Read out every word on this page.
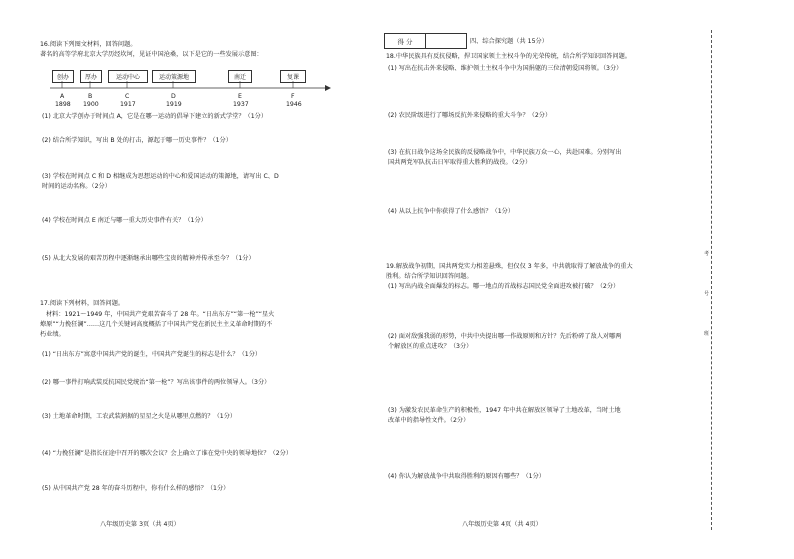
16.阅读下列图文材料，回答问题。
著名的高等学府北京大学历经坎坷，见证中国沧桑，以下是它的一些发展示意图：
创办	厚办	运动中心	运动策源地	南迁	复课
A	B	C	D	E	F
1898 1900	1917	1919	1937	1946
(1) 北京大学创办于时间点 A，它是在哪一运动的倡导下建立的新式学堂？（1分）
(2) 结合所学知识，写出 B 处的打击，源起于哪一历史事件？（1分）
(3) 学校在时间点 C 和 D 相继成为思想运动的中心和爱国运动的策源地，请写出 C、D
时间的运动名称。（2分）
(4) 学校在时间点 E 南迁与哪一重大历史事件有关？（1分）
(5) 从北大发展的艰苦历程中逐渐继承出哪些宝贵的精神并传承至今？（1分）
17.阅读下列材料，回答问题。
材料：1921～1949 年，中国共产党艰苦奋斗了 28 年。“日出东方”“第一枪”“星火
燎原”“力挽狂澜”……这几个关键词高度概括了中国共产党在新民主主义革命时期的不
朽业绩。
(1) “日出东方”寓意中国共产党的诞生，中国共产党诞生的标志是什么？（1分）
(2) 哪一事件打响武装反抗国民党统治“第一枪”？写出该事件的两位领导人。（3分）
(3) 土地革命时期，工农武装割据的星星之火是从哪里点燃的？（1分）
(4) “力挽狂澜”是指长征途中召开的哪次会议？会上确立了谁在党中央的领导地位？（2分）
(5) 从中国共产党 28 年的奋斗历程中，你有什么样的感悟？（1分）
八年级历史第 3页（共 4页）
得 分		四、综合探究题（共 15分）
18.中华民族具有反抗侵略，捍卫国家领土主权斗争的光荣传统，结合所学知识回答问题。
(1) 写出在抗击外来侵略、维护领土主权斗争中为国捐躯的三位清朝爱国将领。（3分）
(2) 农民阶级进行了哪场反抗外来侵略的重大斗争？（2分）
(3) 在抗日战争这场全民族的反侵略战争中，中华民族万众一心，共赴国难。分别写出
国共两党军队抗击日军取得重大胜利的战役。（2分）
(4) 从以上抗争中你获得了什么感悟？（1分）
19.解放战争初期，国共两党实力相差悬殊，但仅仅 3 年多，中共就取得了解放战争的重大
胜利。结合所学知识回答问题。
(1) 写出内战全面爆发的标志。哪一地点的首战标志国民党全面进攻被打破？（2分）
(2) 面对敌强我弱的形势，中共中央提出哪一作战原则和方针？先后粉碎了敌人对哪两
个解放区的重点进攻？（3分）
(3) 为激发农民革命生产的积极性，1947 年中共在解放区领导了土地改革，当时土地
改革中的指导性文件。（2分）
(4) 你认为解放战争中共取得胜利的原因有哪些？（1分）
八年级历史第 4页（共 4页）
考
号
班
